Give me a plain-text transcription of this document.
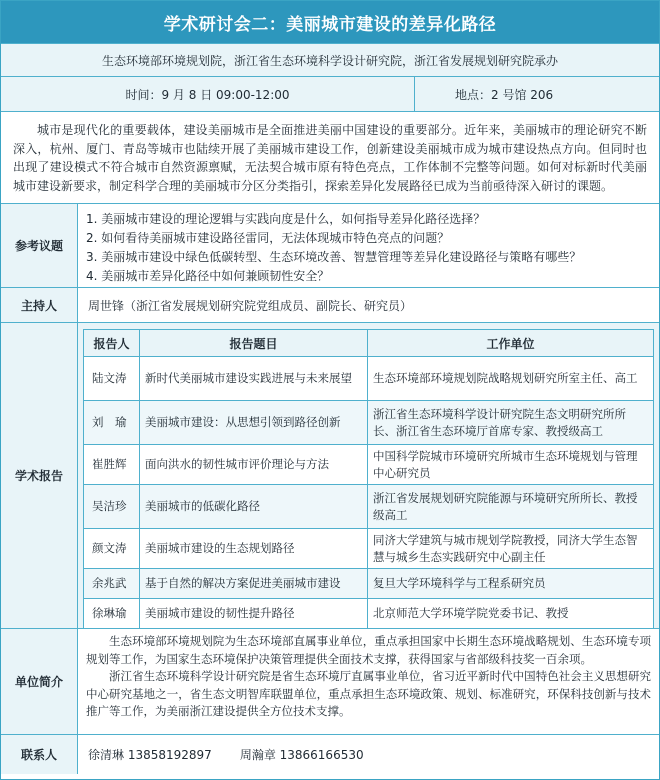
学术研讨会二：美丽城市建设的差异化路径
生态环境部环境规划院，浙江省生态环境科学设计研究院，浙江省发展规划研究院承办
时间：9 月 8 日 09:00-12:00	地点：2 号馆 206
城市是现代化的重要载体，建设美丽城市是全面推进美丽中国建设的重要部分。近年来，美丽城市的理论研究不断深入，杭州、厦门、青岛等城市也陆续开展了美丽城市建设工作，创新建设美丽城市成为城市建设热点方向。但同时也出现了建设模式不符合城市自然资源禀赋，无法契合城市原有特色亮点，工作体制不完整等问题。如何对标新时代美丽城市建设新要求，制定科学合理的美丽城市分区分类指引，探索差异化发展路径已成为当前亟待深入研讨的课题。
参考议题
1. 美丽城市建设的理论逻辑与实践向度是什么，如何指导差异化路径选择？
2. 如何看待美丽城市建设路径雷同，无法体现城市特色亮点的问题？
3. 美丽城市建设中绿色低碳转型、生态环境改善、智慧管理等差异化建设路径与策略有哪些？
4. 美丽城市差异化路径中如何兼顾韧性安全？
主持人	周世锋（浙江省发展规划研究院党组成员、副院长、研究员）
学术报告
报告人	报告题目	工作单位
陆文涛	新时代美丽城市建设实践进展与未来展望	生态环境部环境规划院战略规划研究所室主任、高工
刘　瑜	美丽城市建设：从思想引领到路径创新	浙江省生态环境科学设计研究院生态文明研究所所长、浙江省生态环境厅首席专家、教授级高工
崔胜辉	面向洪水的韧性城市评价理论与方法	中国科学院城市环境研究所城市生态环境规划与管理中心研究员
吴洁珍	美丽城市的低碳化路径	浙江省发展规划研究院能源与环境研究所所长、教授级高工
颜文涛	美丽城市建设的生态规划路径	同济大学建筑与城市规划学院教授，同济大学生态智慧与城乡生态实践研究中心副主任
余兆武	基于自然的解决方案促进美丽城市建设	复旦大学环境科学与工程系研究员
徐琳瑜	美丽城市建设的韧性提升路径	北京师范大学环境学院党委书记、教授
单位简介

生态环境部环境规划院为生态环境部直属事业单位，重点承担国家中长期生态环境战略规划、生态环境专项规划等工作，为国家生态环境保护决策管理提供全面技术支撑，获得国家与省部级科技奖一百余项。

浙江省生态环境科学设计研究院是省生态环境厅直属事业单位，省习近平新时代中国特色社会主义思想研究中心研究基地之一，省生态文明智库联盟单位，重点承担生态环境政策、规划、标准研究，环保科技创新与技术推广等工作，为美丽浙江建设提供全方位技术支撑。

联系人	徐清琳 13858192897 周瀚章 13866166530
